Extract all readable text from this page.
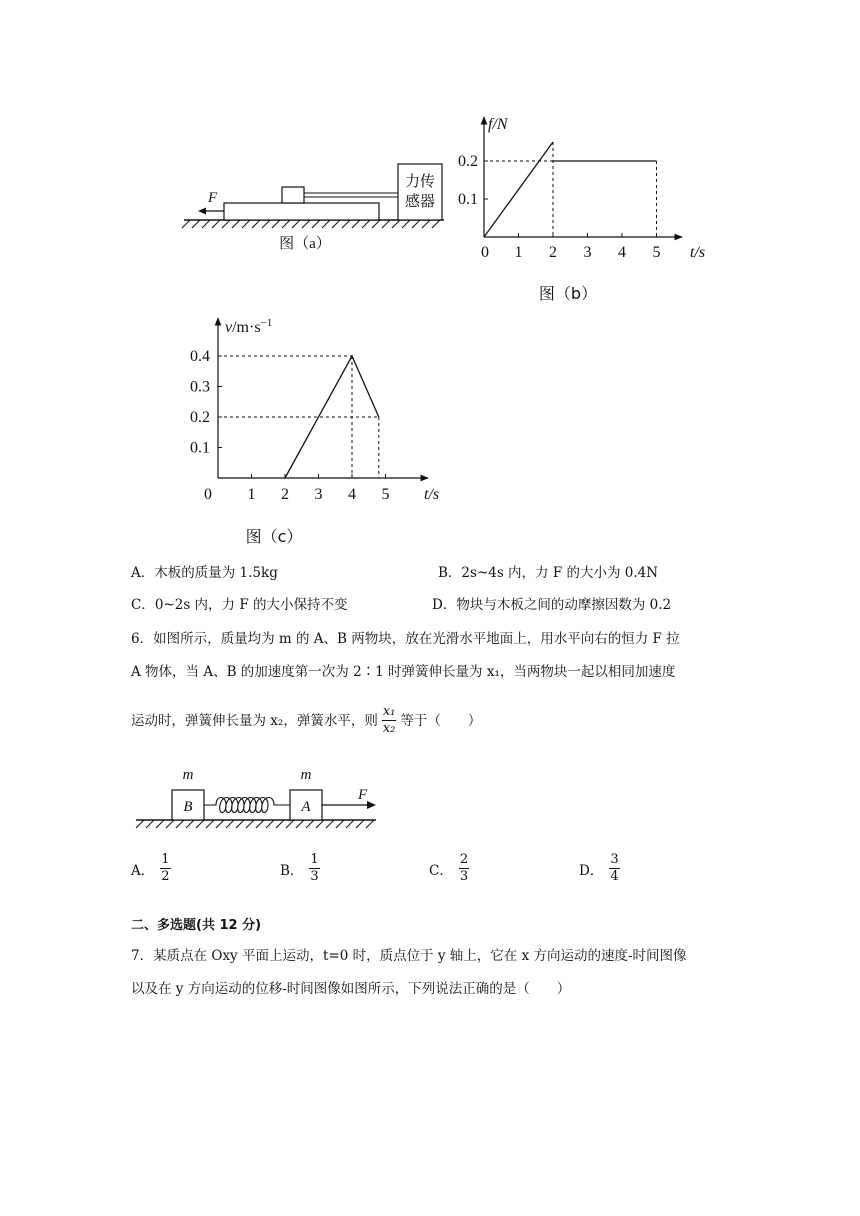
力传
感器
F
图（a）	1 2 3 4 5
0.1
0.2
f/N
t/s
0
图（b）
1 2 3 4 5
0.1
0.2
0.3
0.4
$v/m\cdot s^{-1}$
t/s
0
图（c）
A．木板的质量为 1.5kg	B．2s~4s 内，力 F 的大小为 0.4N
C．0~2s 内，力 F 的大小保持不变	D．物块与木板之间的动摩擦因数为 0.2
6．如图所示，质量均为 m 的 A、B 两物块，放在光滑水平地面上，用水平向右的恒力 F 拉
A 物体，当 A、B 的加速度第一次为 2∶1 时弹簧伸长量为 x₁，当两物块一起以相同加速度
运动时，弹簧伸长量为 x₂，弹簧水平，则 $\frac{\text{x₁}}{\text{x₂}}$ 等于（　　）
B	A
m	m
F
A． $\frac{1}{2}$	B． $\frac{1}{3}$	C． $\frac{2}{3}$	D． $\frac{3}{4}$
二、多选题(共 12 分)
7．某质点在 Oxy 平面上运动，t=0 时，质点位于 y 轴上，它在 x 方向运动的速度-时间图像
以及在 y 方向运动的位移-时间图像如图所示，下列说法正确的是（　　）
